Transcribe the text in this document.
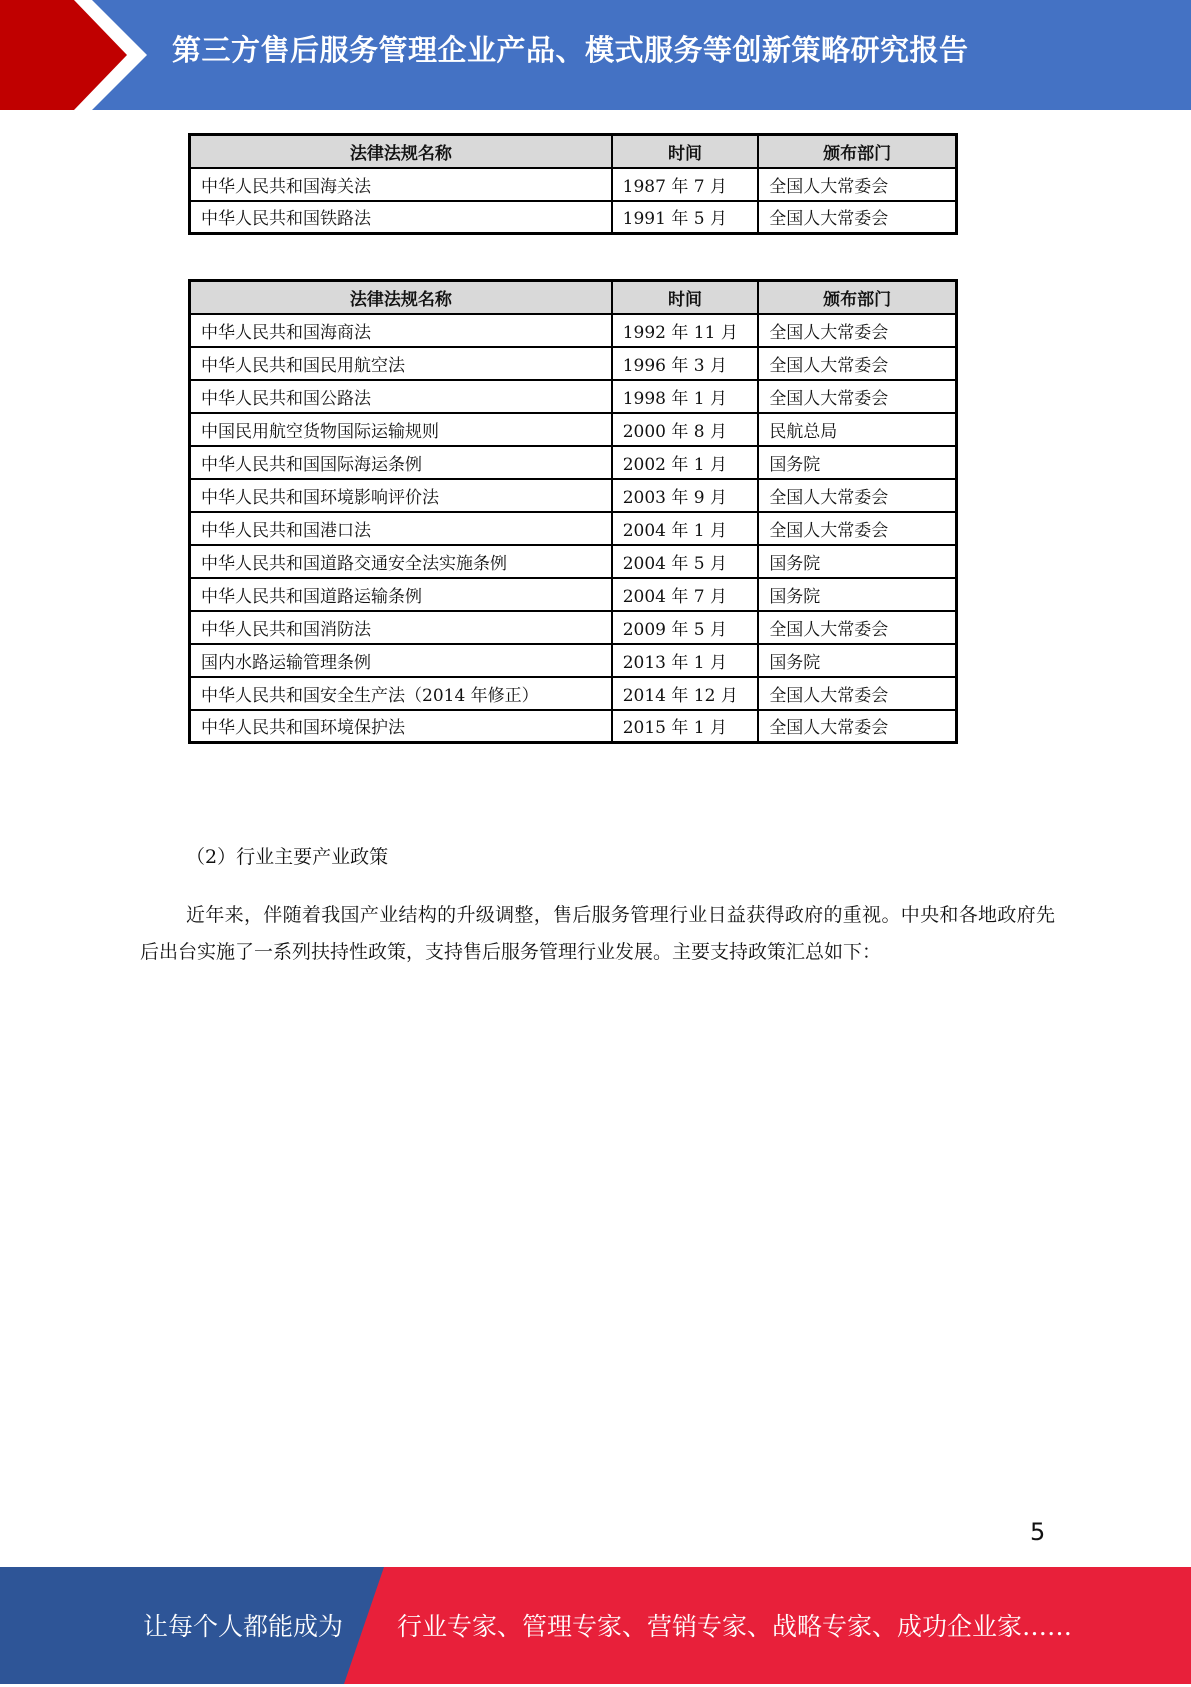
第三方售后服务管理企业产品、模式服务等创新策略研究报告
法律法规名称	时间	颁布部门
中华人民共和国海关法	1987 年 7 月	全国人大常委会
中华人民共和国铁路法	1991 年 5 月	全国人大常委会
法律法规名称	时间	颁布部门
中华人民共和国海商法	1992 年 11 月	全国人大常委会
中华人民共和国民用航空法	1996 年 3 月	全国人大常委会
中华人民共和国公路法	1998 年 1 月	全国人大常委会
中国民用航空货物国际运输规则	2000 年 8 月	民航总局
中华人民共和国国际海运条例	2002 年 1 月	国务院
中华人民共和国环境影响评价法	2003 年 9 月	全国人大常委会
中华人民共和国港口法	2004 年 1 月	全国人大常委会
中华人民共和国道路交通安全法实施条例	2004 年 5 月	国务院
中华人民共和国道路运输条例	2004 年 7 月	国务院
中华人民共和国消防法	2009 年 5 月	全国人大常委会
国内水路运输管理条例	2013 年 1 月	国务院
中华人民共和国安全生产法（2014 年修正）	2014 年 12 月	全国人大常委会
中华人民共和国环境保护法	2015 年 1 月	全国人大常委会
（2）行业主要产业政策

近年来，伴随着我国产业结构的升级调整，售后服务管理行业日益获得政府的重视。中央和各地政府先后出台实施了一系列扶持性政策，支持售后服务管理行业发展。主要支持政策汇总如下：

5
让每个人都能成为 行业专家、管理专家、营销专家、战略专家、成功企业家……
